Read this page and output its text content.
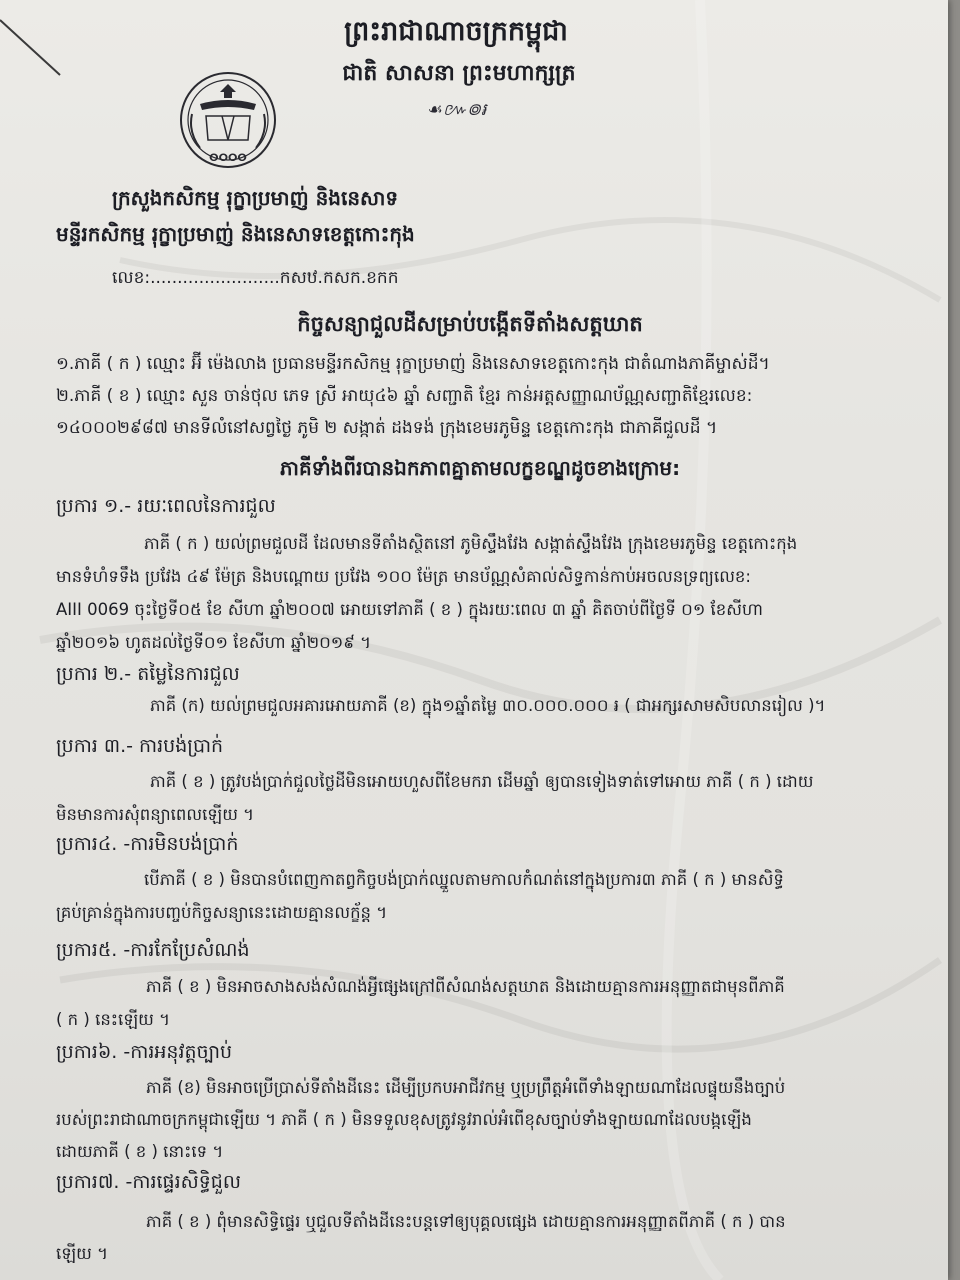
ⵔⵔⵔⵔ
ព្រះរាជាណាចក្រកម្ពុជា
ជាតិ សាសនា ព្រះមហាក្សត្រ
☙៚៙៛
ក្រសួងកសិកម្ម រុក្ខាប្រមាញ់ និងនេសាទ
មន្ទីរកសិកម្ម រុក្ខាប្រមាញ់ និងនេសាទខេត្តកោះកុង
លេខ:........................កសឋ.កសក.ខកក
កិច្ចសន្យាជួលដីសម្រាប់បង្កើតទីតាំងសត្តឃាត
១.ភាគី ( ក ) ឈ្មោះ អ៊ី ម៉េងលាង ប្រធានមន្ទីរកសិកម្ម រុក្ខាប្រមាញ់ និងនេសាទខេត្តកោះកុង ជាតំណាងភាគីម្ចាស់ដី។
២.ភាគី ( ខ ) ឈ្មោះ សួន ចាន់ថុល ភេទ ស្រី អាយុ៤៦ ឆ្នាំ សញ្ជាតិ ខ្មែរ កាន់អត្តសញ្ញាណប័ណ្ណសញ្ជាតិខ្មែរលេខ:
១៤០០០២៩៨៧ មានទីលំនៅសព្វថ្ងៃ ភូមិ ២ សង្កាត់ ដងទង់ ក្រុងខេមរភូមិន្ទ ខេត្តកោះកុង ជាភាគីជួលដី ។
ភាគីទាំងពីរបានឯកភាពគ្នាតាមលក្ខខណ្ឌដូចខាងក្រោម:
ប្រការ ១.- រយៈពេលនៃការជួល
ភាគី ( ក ) យល់ព្រមជួលដី ដែលមានទីតាំងស្ថិតនៅ ភូមិស្ទឹងវែង សង្កាត់ស្ទឹងវែង ក្រុងខេមរភូមិន្ទ ខេត្តកោះកុង
មានទំហំទទឹង ប្រវែង ៤៩ ម៉ែត្រ និងបណ្តោយ ប្រវែង ១០០ ម៉ែត្រ មានប័ណ្ណសំគាល់សិទ្ធកាន់កាប់អចលនទ្រព្យលេខ:
AIII 0069 ចុះថ្ងៃទី០៥ ខែ សីហា ឆ្នាំ២០០៧ អោយទៅភាគី ( ខ ) ក្នុងរយៈពេល ៣ ឆ្នាំ គិតចាប់ពីថ្ងៃទី ០១ ខែសីហា
ឆ្នាំ២០១៦ ហូតដល់ថ្ងៃទី០១ ខែសីហា ឆ្នាំ២០១៩ ។
ប្រការ ២.- តម្លៃនៃការជួល
ភាគី (ក) យល់ព្រមជួលអគារអោយភាគី (ខ) ក្នុង១ឆ្នាំតម្លៃ ៣០.០០០.០០០ ៛ ( ជាអក្សរសាមសិបលានរៀល )។
ប្រការ ៣.- ការបង់ប្រាក់
ភាគី ( ខ ) ត្រូវបង់ប្រាក់ជួលថ្លៃដីមិនអោយហួសពីខែមករា ដើមឆ្នាំ ឲ្យបានទៀងទាត់ទៅអោយ ភាគី ( ក ) ដោយ
មិនមានការសុំពន្យាពេលឡើយ ។
ប្រការ៤. -ការមិនបង់ប្រាក់
បើភាគី ( ខ ) មិនបានបំពេញកាតព្វកិច្ចបង់ប្រាក់ឈ្នួលតាមកាលកំណត់នៅក្នុងប្រការ៣ ភាគី ( ក ) មានសិទ្ធិ
គ្រប់គ្រាន់ក្នុងការបញ្ចប់កិច្ចសន្យានេះដោយគ្មានលក្ខ័ន្ត ។
ប្រការ៥. -ការកែប្រែសំណង់
ភាគី ( ខ ) មិនអាចសាងសង់សំណង់អ្វីផ្សេងក្រៅពីសំណង់សត្តឃាត និងដោយគ្មានការអនុញ្ញាតជាមុនពីភាគី
( ក ) នេះឡើយ ។
ប្រការ៦. -ការអនុវត្តច្បាប់
ភាគី (ខ) មិនអាចប្រើប្រាស់ទីតាំងដីនេះ ដើម្បីប្រកបអាជីវកម្ម ឬប្រព្រឹត្តអំពើទាំងឡាយណាដែលផ្ទុយនឹងច្បាប់
របស់ព្រះរាជាណាចក្រកម្ពុជាឡើយ ។ ភាគី ( ក ) មិនទទួលខុសត្រូវនូវរាល់អំពើខុសច្បាប់ទាំងឡាយណាដែលបង្កឡើង
ដោយភាគី ( ខ ) នោះទេ ។
ប្រការ៧. -ការផ្ទេរសិទ្ធិជួល
ភាគី ( ខ ) ពុំមានសិទ្ធិផ្ទេរ ឬជួលទីតាំងដីនេះបន្តទៅឲ្យបុគ្គលផ្សេង ដោយគ្មានការអនុញ្ញាតពីភាគី ( ក ) បាន
ឡើយ ។
